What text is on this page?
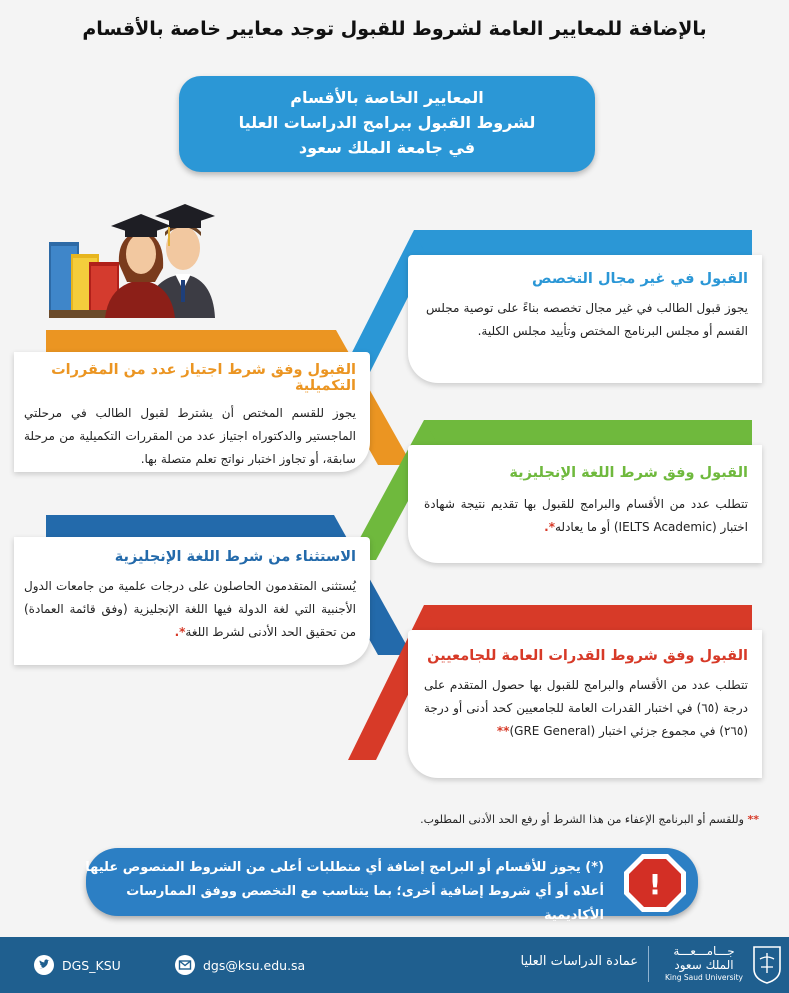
بالإضافة للمعايير العامة لشروط للقبول توجد معايير خاصة بالأقسام
المعايير الخاصة بالأقسام
لشروط القبول ببرامج الدراسات العليا
في جامعة الملك سعود
القبول في غير مجال التخصص
يجوز قبول الطالب في غير مجال تخصصه بناءً على توصية مجلس القسم أو مجلس البرنامج المختص وتأييد مجلس الكلية.
القبول وفق شرط اجتياز عدد من المقررات التكميلية
يجوز للقسم المختص أن يشترط لقبول الطالب في مرحلتي الماجستير والدكتوراه اجتياز عدد من المقررات التكميلية من مرحلة سابقة، أو تجاوز اختبار نواتج تعلم متصلة بها.
القبول وفق شرط اللغة الإنجليزية
تتطلب عدد من الأقسام والبرامج للقبول بها تقديم نتيجة شهادة اختبار (IELTS Academic) أو ما يعادله*.
الاستثناء من شرط اللغة الإنجليزية
يُستثنى المتقدمون الحاصلون على درجات علمية من جامعات الدول الأجنبية التي لغة الدولة فيها اللغة الإنجليزية (وفق قائمة العمادة) من تحقيق الحد الأدنى لشرط اللغة*.
القبول وفق شروط القدرات العامة للجامعيين
تتطلب عدد من الأقسام والبرامج للقبول بها حصول المتقدم على درجة (٦٥) في اختبار القدرات العامة للجامعيين كحد أدنى أو درجة (٢٦٥) في مجموع جزئي اختبار (GRE General)**
** وللقسم أو البرنامج الإعفاء من هذا الشرط أو رفع الحد الأدنى المطلوب.
(*) يجوز للأقسام أو البرامج إضافة أي متطلبات أعلى من الشروط المنصوص عليها
أعلاه أو أي شروط إضافية أخرى؛ بما يتناسب مع التخصص ووفق الممارسات الأكاديمية
!
DGS_KSU	dgs@ksu.edu.sa	عمادة الدراسات العليا
جـــامـــعـــة
الملك سعود
King Saud University
